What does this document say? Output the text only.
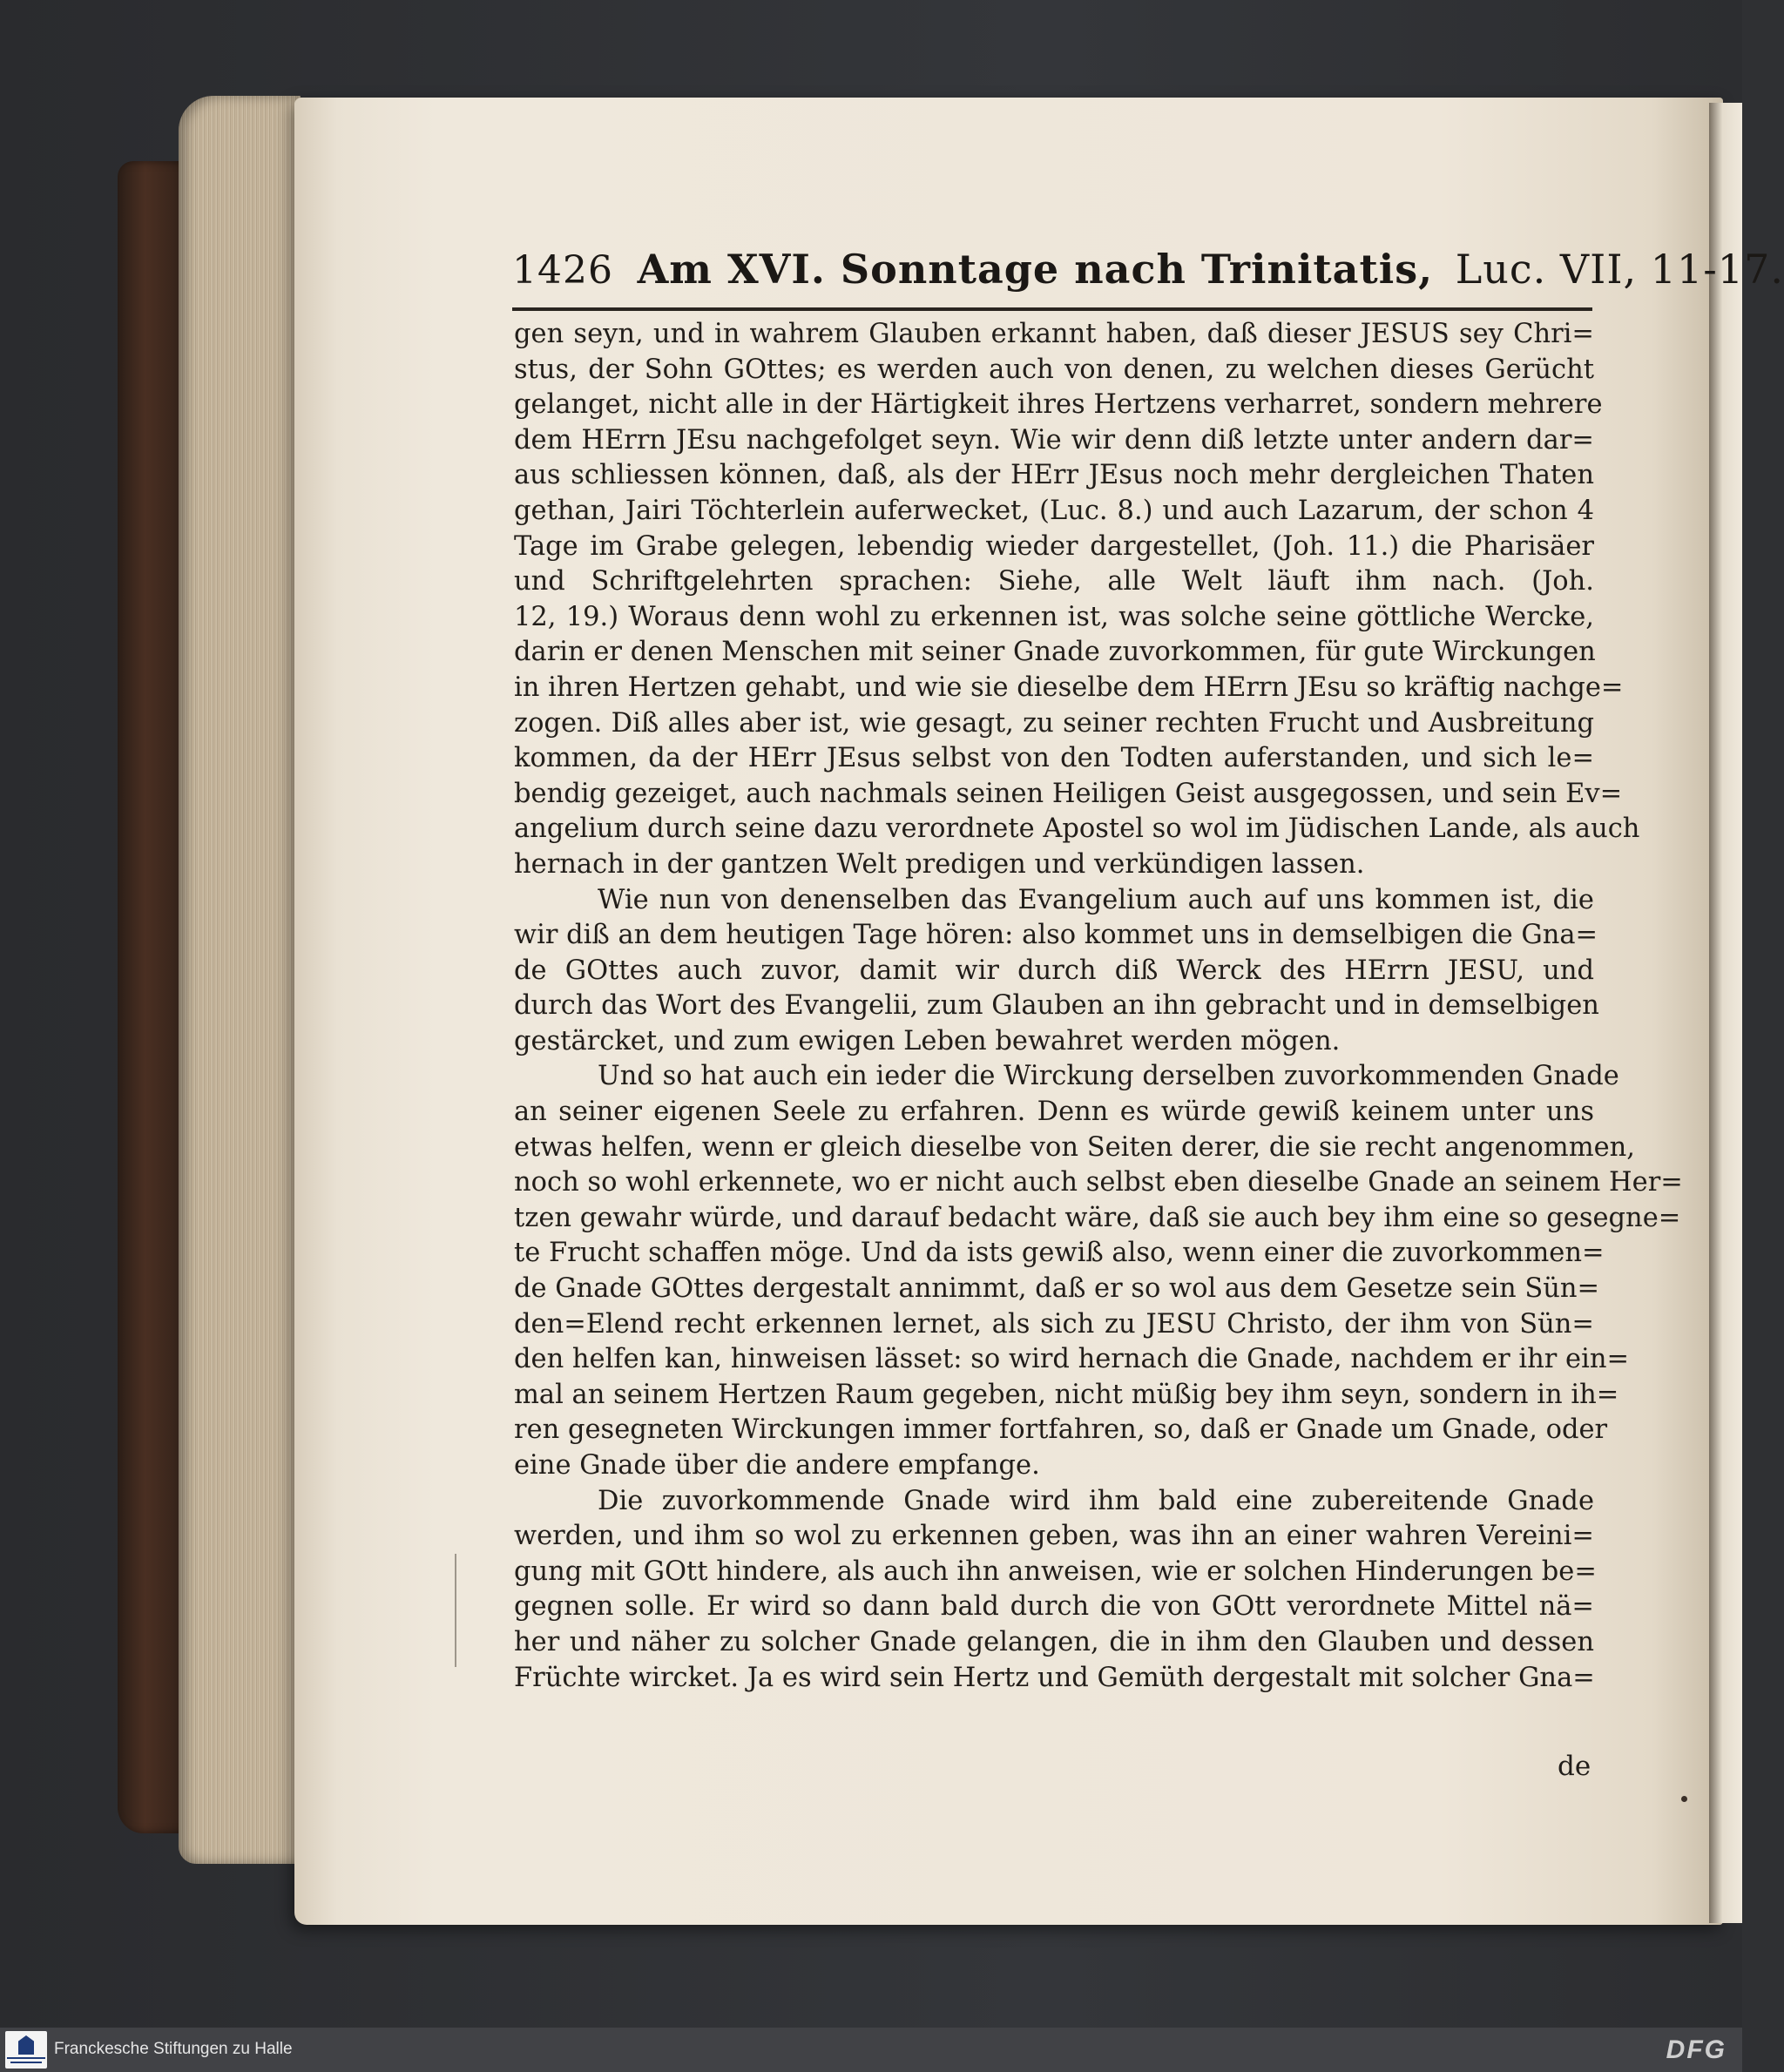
1426 Am XVI. Sonntage nach Trinitatis, Luc. VII, 11-17.
gen seyn, und in wahrem Glauben erkannt haben, daß dieser JESUS sey Chri=
stus, der Sohn GOttes; es werden auch von denen, zu welchen dieses Gerücht
gelanget, nicht alle in der Härtigkeit ihres Hertzens verharret, sondern mehrere
dem HErrn JEsu nachgefolget seyn. Wie wir denn diß letzte unter andern dar=
aus schliessen können, daß, als der HErr JEsus noch mehr dergleichen Thaten
gethan, Jairi Töchterlein auferwecket, (Luc. 8.) und auch Lazarum, der schon 4
Tage im Grabe gelegen, lebendig wieder dargestellet, (Joh. 11.) die Pharisäer
und Schriftgelehrten sprachen: Siehe, alle Welt läuft ihm nach. (Joh.
12, 19.) Woraus denn wohl zu erkennen ist, was solche seine göttliche Wercke,
darin er denen Menschen mit seiner Gnade zuvorkommen, für gute Wirckungen
in ihren Hertzen gehabt, und wie sie dieselbe dem HErrn JEsu so kräftig nachge=
zogen. Diß alles aber ist, wie gesagt, zu seiner rechten Frucht und Ausbreitung
kommen, da der HErr JEsus selbst von den Todten auferstanden, und sich le=
bendig gezeiget, auch nachmals seinen Heiligen Geist ausgegossen, und sein Ev=
angelium durch seine dazu verordnete Apostel so wol im Jüdischen Lande, als auch
hernach in der gantzen Welt predigen und verkündigen lassen.
Wie nun von denenselben das Evangelium auch auf uns kommen ist, die
wir diß an dem heutigen Tage hören: also kommet uns in demselbigen die Gna=
de GOttes auch zuvor, damit wir durch diß Werck des HErrn JESU, und
durch das Wort des Evangelii, zum Glauben an ihn gebracht und in demselbigen
gestärcket, und zum ewigen Leben bewahret werden mögen.
Und so hat auch ein ieder die Wirckung derselben zuvorkommenden Gnade
an seiner eigenen Seele zu erfahren. Denn es würde gewiß keinem unter uns
etwas helfen, wenn er gleich dieselbe von Seiten derer, die sie recht angenommen,
noch so wohl erkennete, wo er nicht auch selbst eben dieselbe Gnade an seinem Her=
tzen gewahr würde, und darauf bedacht wäre, daß sie auch bey ihm eine so gesegne=
te Frucht schaffen möge. Und da ists gewiß also, wenn einer die zuvorkommen=
de Gnade GOttes dergestalt annimmt, daß er so wol aus dem Gesetze sein Sün=
den=Elend recht erkennen lernet, als sich zu JESU Christo, der ihm von Sün=
den helfen kan, hinweisen lässet: so wird hernach die Gnade, nachdem er ihr ein=
mal an seinem Hertzen Raum gegeben, nicht müßig bey ihm seyn, sondern in ih=
ren gesegneten Wirckungen immer fortfahren, so, daß er Gnade um Gnade, oder
eine Gnade über die andere empfange.
Die zuvorkommende Gnade wird ihm bald eine zubereitende Gnade
werden, und ihm so wol zu erkennen geben, was ihn an einer wahren Vereini=
gung mit GOtt hindere, als auch ihn anweisen, wie er solchen Hinderungen be=
gegnen solle. Er wird so dann bald durch die von GOtt verordnete Mittel nä=
her und näher zu solcher Gnade gelangen, die in ihm den Glauben und dessen
Früchte wircket. Ja es wird sein Hertz und Gemüth dergestalt mit solcher Gna=
de
Franckesche Stiftungen zu Halle	DFG
